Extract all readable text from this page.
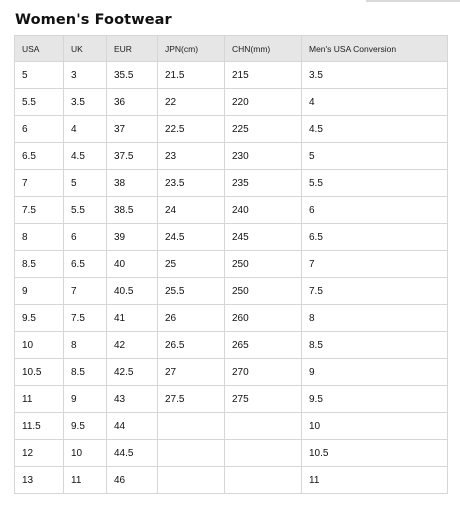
Women's Footwear
USA	UK	EUR	JPN(cm)	CHN(mm)	Men's USA Conversion
5	3	35.5	21.5	215	3.5
5.5	3.5	36	22	220	4
6	4	37	22.5	225	4.5
6.5	4.5	37.5	23	230	5
7	5	38	23.5	235	5.5
7.5	5.5	38.5	24	240	6
8	6	39	24.5	245	6.5
8.5	6.5	40	25	250	7
9	7	40.5	25.5	250	7.5
9.5	7.5	41	26	260	8
10	8	42	26.5	265	8.5
10.5	8.5	42.5	27	270	9
11	9	43	27.5	275	9.5
11.5	9.5	44			10
12	10	44.5			10.5
13	11	46			11
